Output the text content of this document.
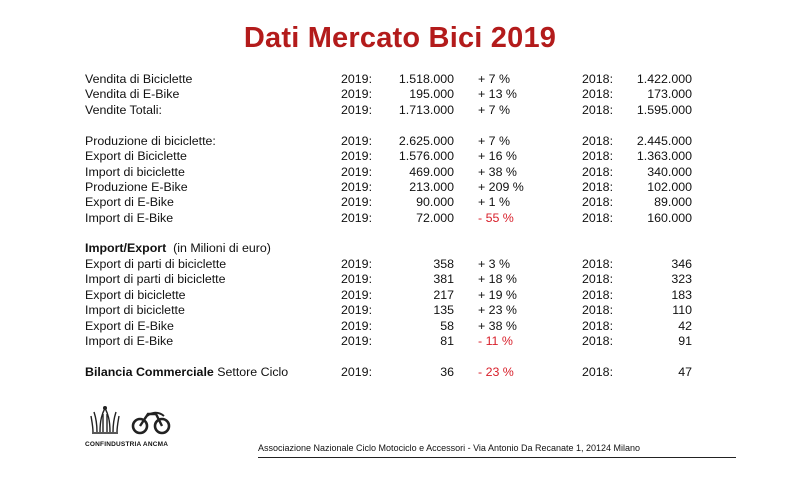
Dati Mercato Bici 2019
Vendita di Biciclette	2019: 1.518.000 + 7 %	2018: 1.422.000
Vendita di E-Bike	2019:	195.000 + 13 %	2018:	173.000
Vendite Totali:	2019: 1.713.000 + 7 %	2018: 1.595.000
Produzione di biciclette:	2019: 2.625.000 + 7 %	2018: 2.445.000
Export di Biciclette	2019: 1.576.000 + 16 %	2018: 1.363.000
Import di biciclette	2019:	469.000 + 38 %	2018:	340.000
Produzione E-Bike	2019:	213.000 + 209 %	2018:	102.000
Export di E-Bike	2019:	90.000 + 1 %	2018:	89.000
Import di E-Bike	2019:	72.000 - 55 %	2018:	160.000
Export di parti di biciclette	2019:	358 + 3 %	2018:	346
Import di parti di biciclette	2019:	381 + 18 %	2018:	323
Export di biciclette	2019:	217 + 19 %	2018:	183
Import di biciclette	2019:	135 + 23 %	2018:	110
Export di E-Bike	2019:	58 + 38 %	2018:	42
Import di E-Bike	2019:	81 - 11 %	2018:	91
Import/Export (in Milioni di euro)
Bilancia Commerciale Settore Ciclo	2019:	36 - 23 %	2018:	47
CONFINDUSTRIA ANCMA	Associazione Nazionale Ciclo Motociclo e Accessori - Via Antonio Da Recanate 1, 20124 Milano
